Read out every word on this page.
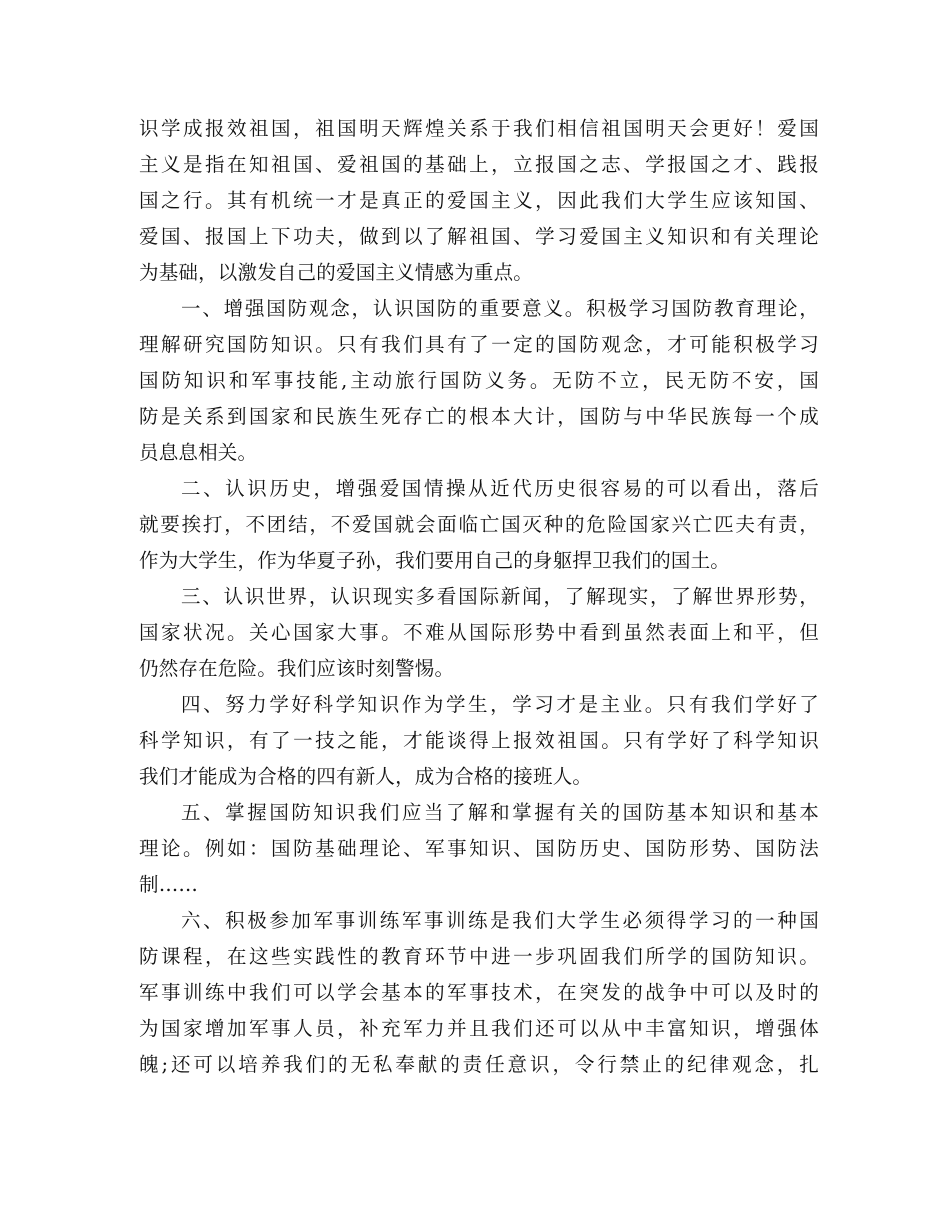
识学成报效祖国，祖国明天辉煌关系于我们相信祖国明天会更好！爱国
主义是指在知祖国、爱祖国的基础上，立报国之志、学报国之才、践报
国之行。其有机统一才是真正的爱国主义，因此我们大学生应该知国、
爱国、报国上下功夫，做到以了解祖国、学习爱国主义知识和有关理论
为基础，以激发自己的爱国主义情感为重点。
一、增强国防观念，认识国防的重要意义。积极学习国防教育理论，
理解研究国防知识。只有我们具有了一定的国防观念，才可能积极学习
国防知识和军事技能,主动旅行国防义务。无防不立，民无防不安，国
防是关系到国家和民族生死存亡的根本大计，国防与中华民族每一个成
员息息相关。
二、认识历史，增强爱国情操从近代历史很容易的可以看出，落后
就要挨打，不团结，不爱国就会面临亡国灭种的危险国家兴亡匹夫有责，
作为大学生，作为华夏子孙，我们要用自己的身躯捍卫我们的国土。
三、认识世界，认识现实多看国际新闻，了解现实，了解世界形势，
国家状况。关心国家大事。不难从国际形势中看到虽然表面上和平，但
仍然存在危险。我们应该时刻警惕。
四、努力学好科学知识作为学生，学习才是主业。只有我们学好了
科学知识，有了一技之能，才能谈得上报效祖国。只有学好了科学知识
我们才能成为合格的四有新人，成为合格的接班人。
五、掌握国防知识我们应当了解和掌握有关的国防基本知识和基本
理论。例如：国防基础理论、军事知识、国防历史、国防形势、国防法
制……
六、积极参加军事训练军事训练是我们大学生必须得学习的一种国
防课程，在这些实践性的教育环节中进一步巩固我们所学的国防知识。
军事训练中我们可以学会基本的军事技术，在突发的战争中可以及时的
为国家增加军事人员，补充军力并且我们还可以从中丰富知识，增强体
魄;还可以培养我们的无私奉献的责任意识，令行禁止的纪律观念，扎
